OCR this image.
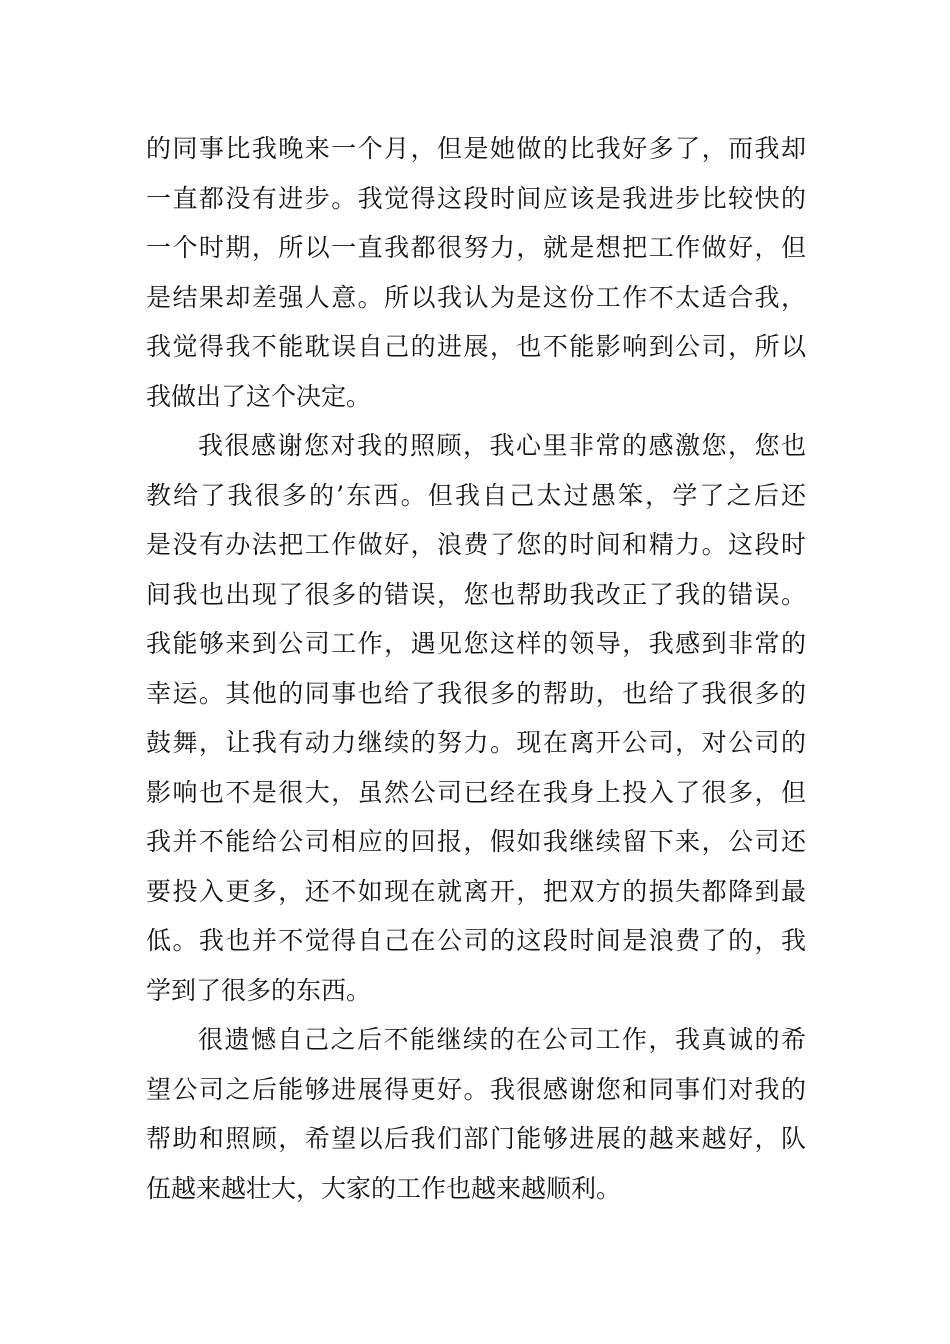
的同事比我晚来一个月，但是她做的比我好多了，而我却
一直都没有进步。我觉得这段时间应该是我进步比较快的
一个时期，所以一直我都很努力，就是想把工作做好，但
是结果却差强人意。所以我认为是这份工作不太适合我，
我觉得我不能耽误自己的进展，也不能影响到公司，所以
我做出了这个决定。

我很感谢您对我的照顾，我心里非常的感激您，您也
教给了我很多的’东西。但我自己太过愚笨，学了之后还
是没有办法把工作做好，浪费了您的时间和精力。这段时
间我也出现了很多的错误，您也帮助我改正了我的错误。
我能够来到公司工作，遇见您这样的领导，我感到非常的
幸运。其他的同事也给了我很多的帮助，也给了我很多的
鼓舞，让我有动力继续的努力。现在离开公司，对公司的
影响也不是很大，虽然公司已经在我身上投入了很多，但
我并不能给公司相应的回报，假如我继续留下来，公司还
要投入更多，还不如现在就离开，把双方的损失都降到最
低。我也并不觉得自己在公司的这段时间是浪费了的，我
学到了很多的东西。

很遗憾自己之后不能继续的在公司工作，我真诚的希
望公司之后能够进展得更好。我很感谢您和同事们对我的
帮助和照顾，希望以后我们部门能够进展的越来越好，队
伍越来越壮大，大家的工作也越来越顺利。
